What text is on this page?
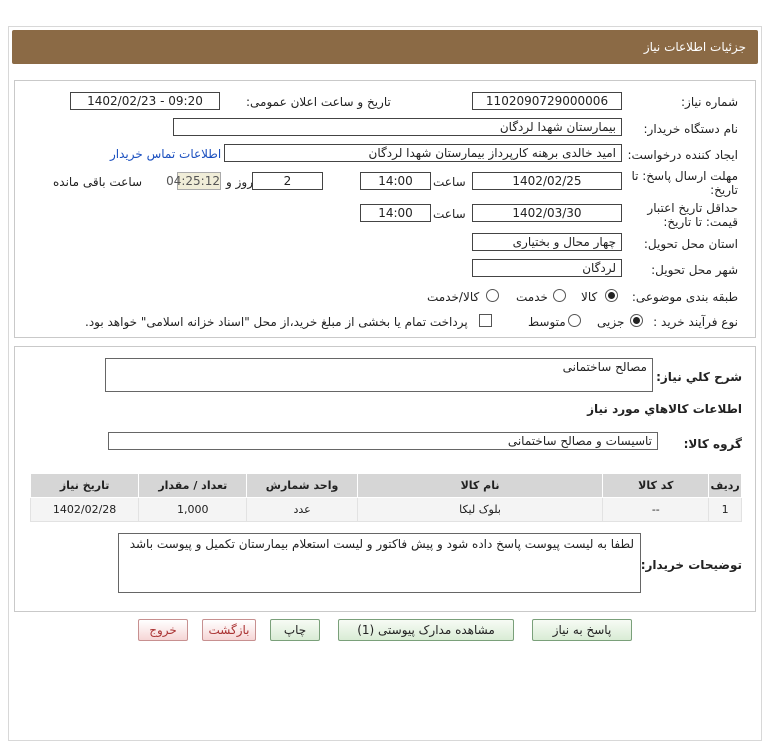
جزئیات اطلاعات نیاز
شماره نیاز:
1102090729000006
تاریخ و ساعت اعلان عمومی:
1402/02/23 - 09:20
نام دستگاه خریدار:
بیمارستان شهدا لردگان
ایجاد کننده درخواست:
امید خالدی برهنه کارپرداز بیمارستان شهدا لردگان
اطلاعات تماس خریدار
مهلت ارسال پاسخ: تا
تاریخ:
1402/02/25
ساعت
14:00
2
روز و
04:25:12
ساعت باقی مانده
حداقل تاریخ اعتبار
قیمت: تا تاریخ:
1402/03/30
ساعت
14:00
استان محل تحویل:
چهار محال و بختیاری
شهر محل تحویل:
لردگان
طبقه بندی موضوعی:
کالا
خدمت
کالا/خدمت
نوع فرآیند خرید :
جزیی
متوسط
پرداخت تمام یا بخشی از مبلغ خرید،از محل "اسناد خزانه اسلامی" خواهد بود.
شرح کلي نیاز:
مصالح ساختمانی
اطلاعات کالاهاي مورد نیاز
گروه کالا:
تاسیسات و مصالح ساختمانی
ردیف	کد کالا	نام کالا	واحد شمارش	تعداد / مقدار	تاریخ نیاز
1	--	بلوک لیکا	عدد	1,000	1402/02/28
توضیحات خریدار:
لطفا به لیست پیوست پاسخ داده شود و پیش فاکتور و لیست استعلام بیمارستان تکمیل و پیوست باشد
پاسخ به نیاز
مشاهده مدارک پیوستی (1)
چاپ
بازگشت
خروج
